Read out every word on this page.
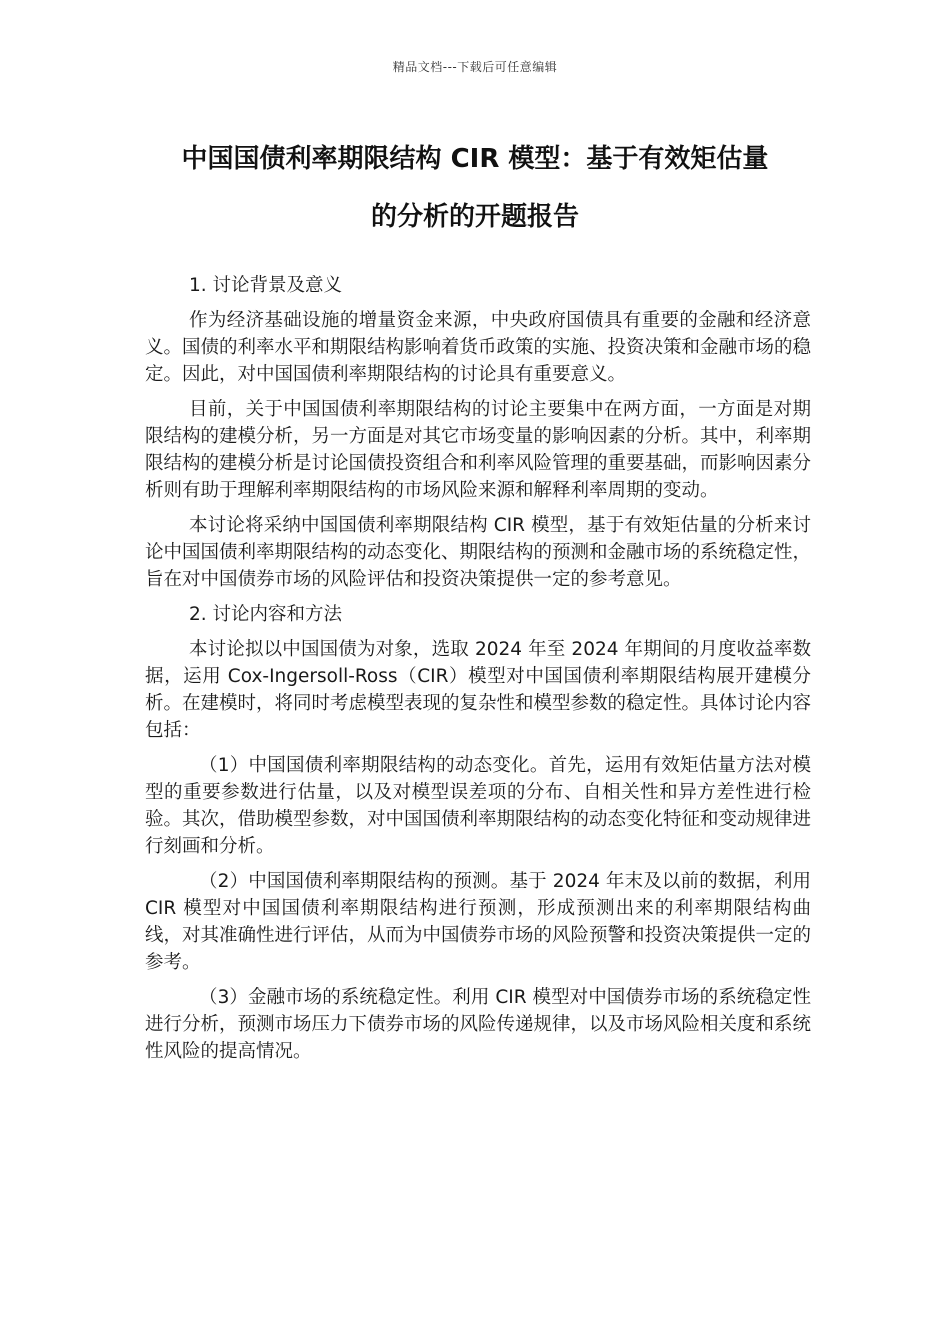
精品文档---下载后可任意编辑
中国国债利率期限结构 CIR 模型：基于有效矩估量
的分析的开题报告

1. 讨论背景及意义

作为经济基础设施的增量资金来源，中央政府国债具有重要的金融和经济意义。国债的利率水平和期限结构影响着货币政策的实施、投资决策和金融市场的稳定。因此，对中国国债利率期限结构的讨论具有重要意义。

目前，关于中国国债利率期限结构的讨论主要集中在两方面，一方面是对期限结构的建模分析，另一方面是对其它市场变量的影响因素的分析。其中，利率期限结构的建模分析是讨论国债投资组合和利率风险管理的重要基础，而影响因素分析则有助于理解利率期限结构的市场风险来源和解释利率周期的变动。

本讨论将采纳中国国债利率期限结构 CIR 模型，基于有效矩估量的分析来讨论中国国债利率期限结构的动态变化、期限结构的预测和金融市场的系统稳定性，旨在对中国债券市场的风险评估和投资决策提供一定的参考意见。

2. 讨论内容和方法

本讨论拟以中国国债为对象，选取 2024 年至 2024 年期间的月度收益率数据，运用 Cox-Ingersoll-Ross（CIR）模型对中国国债利率期限结构展开建模分析。在建模时，将同时考虑模型表现的复杂性和模型参数的稳定性。具体讨论内容包括：

（1）中国国债利率期限结构的动态变化。首先，运用有效矩估量方法对模型的重要参数进行估量，以及对模型误差项的分布、自相关性和异方差性进行检验。其次，借助模型参数，对中国国债利率期限结构的动态变化特征和变动规律进行刻画和分析。

（2）中国国债利率期限结构的预测。基于 2024 年末及以前的数据，利用 CIR 模型对中国国债利率期限结构进行预测，形成预测出来的利率期限结构曲线，对其准确性进行评估，从而为中国债券市场的风险预警和投资决策提供一定的参考。

（3）金融市场的系统稳定性。利用 CIR 模型对中国债券市场的系统稳定性进行分析，预测市场压力下债券市场的风险传递规律，以及市场风险相关度和系统性风险的提高情况。
